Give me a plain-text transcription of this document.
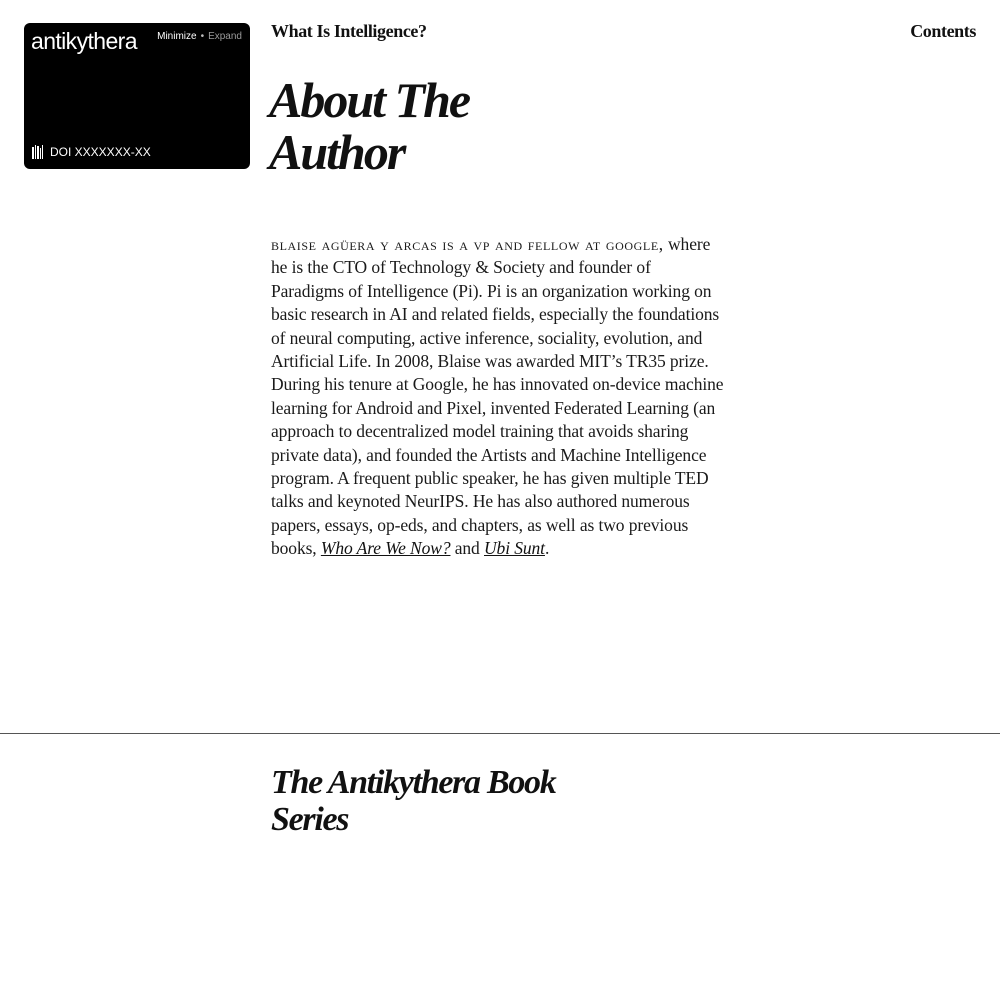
antikythera Minimize • Expand
DOI XXXXXXX-XX
What Is Intelligence?	Contents
About The Author

blaise agüera y arcas is a vp and fellow at google, where he is the CTO of Technology & Society and founder of Paradigms of Intelligence (Pi). Pi is an organization working on basic research in AI and related fields, especially the foundations of neural computing, active inference, sociality, evolution, and Artificial Life. In 2008, Blaise was awarded MIT’s TR35 prize. During his tenure at Google, he has innovated on-device machine learning for Android and Pixel, invented Federated Learning (an approach to decentralized model training that avoids sharing private data), and founded the Artists and Machine Intelligence program. A frequent public speaker, he has given multiple TED talks and keynoted NeurIPS. He has also authored numerous papers, essays, op-eds, and chapters, as well as two previous books, Who Are We Now? and Ubi Sunt.

The Antikythera Book Series
